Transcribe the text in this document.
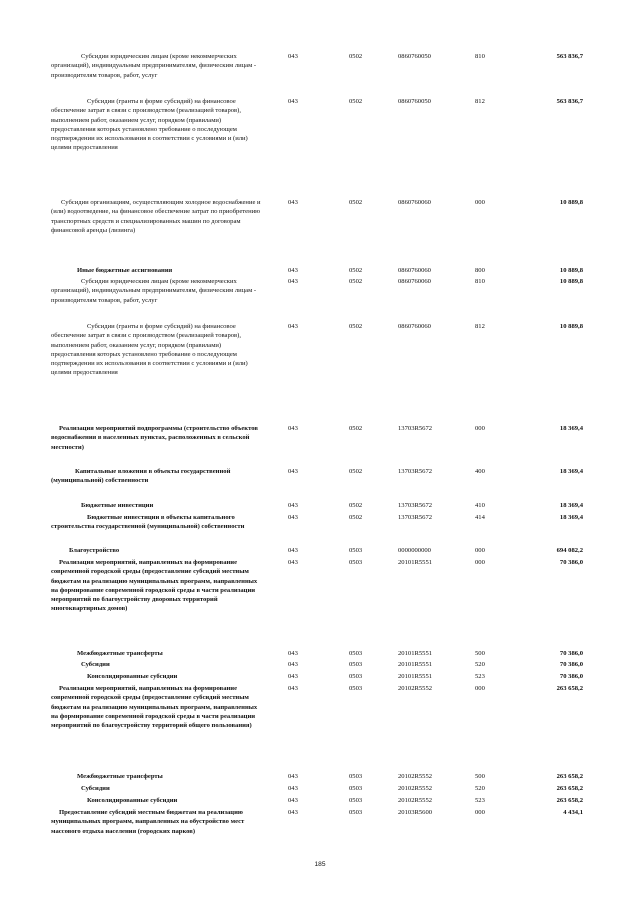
Субсидии юридическим лицам (кроме некоммерческих организаций), индивидуальным предпринимателям, физическим лицам - производителям товаров, работ, услуг
043	0502	0860760050	810	563 836,7
Субсидии (гранты в форме субсидий) на финансовое обеспечение затрат в связи с производством (реализацией товаров), выполнением работ, оказанием услуг, порядком (правилами) предоставления которых установлено требование о последующем подтверждении их использования в соответствии с условиями и (или) целями предоставления
043	0502	0860760050	812	563 836,7
Субсидии организациям, осуществляющим холодное водоснабжение и (или) водоотведение, на финансовое обеспечение затрат по приобретению транспортных средств и специализированных машин по договорам финансовой аренды (лизинга)
043	0502	0860760060	000	10 889,8
Иные бюджетные ассигнования	043	0502	0860760060	800	10 889,8
Субсидии юридическим лицам (кроме некоммерческих организаций), индивидуальным предпринимателям, физическим лицам - производителям товаров, работ, услуг
043	0502	0860760060	810	10 889,8
Субсидии (гранты в форме субсидий) на финансовое обеспечение затрат в связи с производством (реализацией товаров), выполнением работ, оказанием услуг, порядком (правилами) предоставления которых установлено требование о последующем подтверждении их использования в соответствии с условиями и (или) целями предоставления
043	0502	0860760060	812	10 889,8
Реализация мероприятий подпрограммы (строительство объектов водоснабжения в населенных пунктах, расположенных в сельской местности)
043	0502	13703R5672	000	18 369,4
Капитальные вложения в объекты государственной (муниципальной) собственности
043	0502	13703R5672	400	18 369,4
Бюджетные инвестиции	043	0502	13703R5672	410	18 369,4
Бюджетные инвестиции в объекты капитального строительства государственной (муниципальной) собственности
043	0502	13703R5672	414	18 369,4
Благоустройство	043	0503	0000000000	000	694 082,2
Реализация мероприятий, направленных на формирование современной городской среды (предоставление субсидий местным бюджетам на реализацию муниципальных программ, направленных на формирование современной городской среды в части реализации мероприятий по благоустройству дворовых территорий многоквартирных домов)
043	0503	20101R5551	000	70 386,0
Межбюджетные трансферты	043	0503	20101R5551	500	70 386,0
Субсидии	043	0503	20101R5551	520	70 386,0
Консолидированные субсидии	043	0503	20101R5551	523	70 386,0
Реализация мероприятий, направленных на формирование современной городской среды (предоставление субсидий местным бюджетам на реализацию муниципальных программ, направленных на формирование современной городской среды в части реализации мероприятий по благоустройству территорий общего пользования)
043	0503	20102R5552	000	263 658,2
Межбюджетные трансферты	043	0503	20102R5552	500	263 658,2
Субсидии	043	0503	20102R5552	520	263 658,2
Консолидированные субсидии	043	0503	20102R5552	523	263 658,2
Предоставление субсидий местным бюджетам на реализацию муниципальных программ, направленных на обустройство мест массового отдыха населения (городских парков)
043	0503	20103R5600	000	4 434,1
185
